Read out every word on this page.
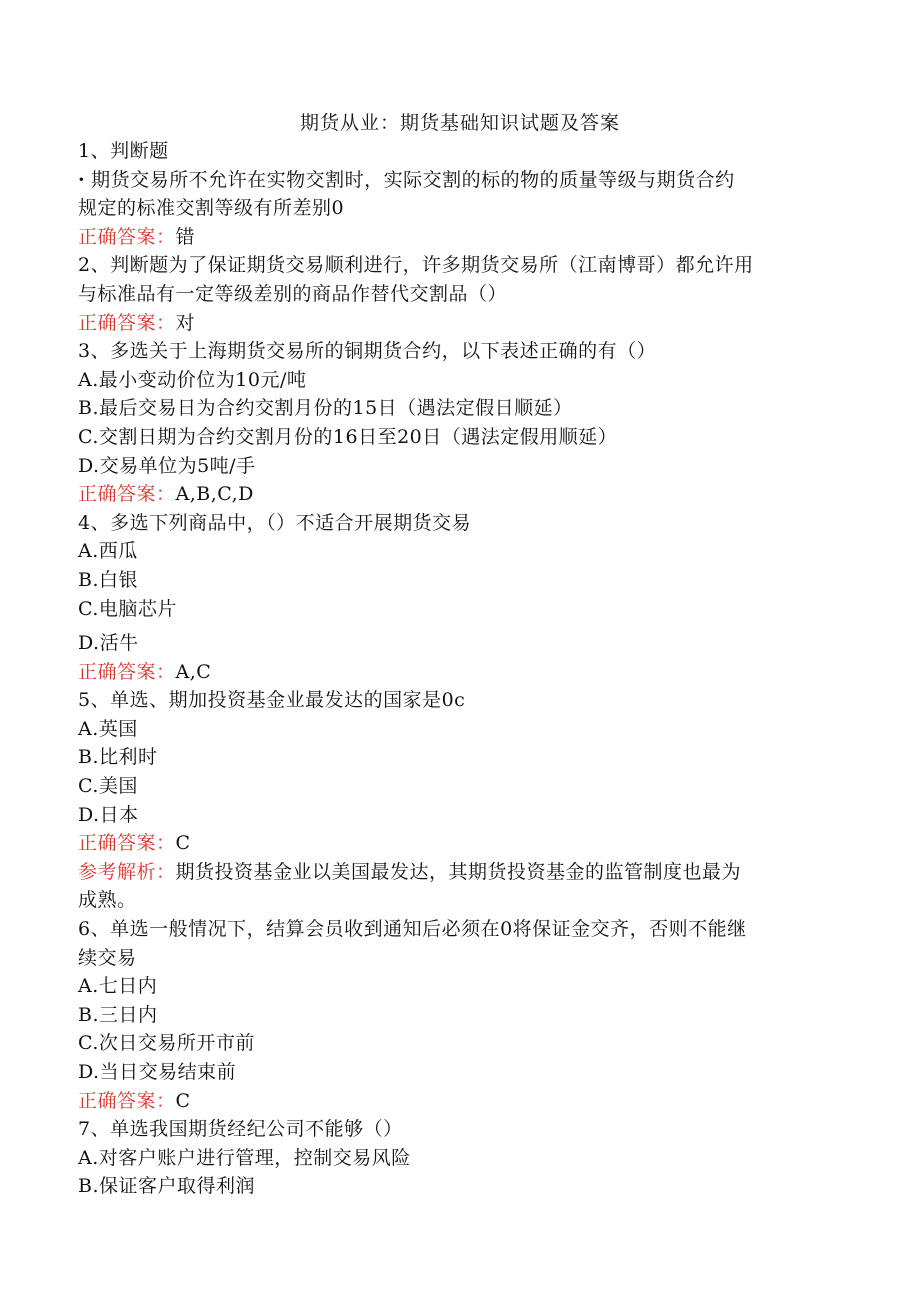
期货从业：期货基础知识试题及答案
1、判断题
· 期货交易所不允许在实物交割时，实际交割的标的物的质量等级与期货合约
规定的标准交割等级有所差别0
正确答案：错
2、判断题为了保证期货交易顺利进行，许多期货交易所（江南博哥）都允许用
与标准品有一定等级差别的商品作替代交割品（）
正确答案：对
3、多选关于上海期货交易所的铜期货合约，以下表述正确的有（）
A.最小变动价位为10元/吨
B.最后交易日为合约交割月份的15日（遇法定假日顺延）
C.交割日期为合约交割月份的16日至20日（遇法定假用顺延）
D.交易单位为5吨/手
正确答案：A,B,C,D
4、多选下列商品中，（）不适合开展期货交易
A.西瓜
B.白银
C.电脑芯片
D.活牛
正确答案：A,C
5、单选、期加投资基金业最发达的国家是0c
A.英国
B.比利时
C.美国
D.日本
正确答案：C
参考解析：期货投资基金业以美国最发达，其期货投资基金的监管制度也最为
成熟。
6、单选一般情况下，结算会员收到通知后必须在0将保证金交齐，否则不能继
续交易
A.七日内
B.三日内
C.次日交易所开市前
D.当日交易结束前
正确答案：C
7、单选我国期货经纪公司不能够（）
A.对客户账户进行管理，控制交易风险
B.保证客户取得利润
